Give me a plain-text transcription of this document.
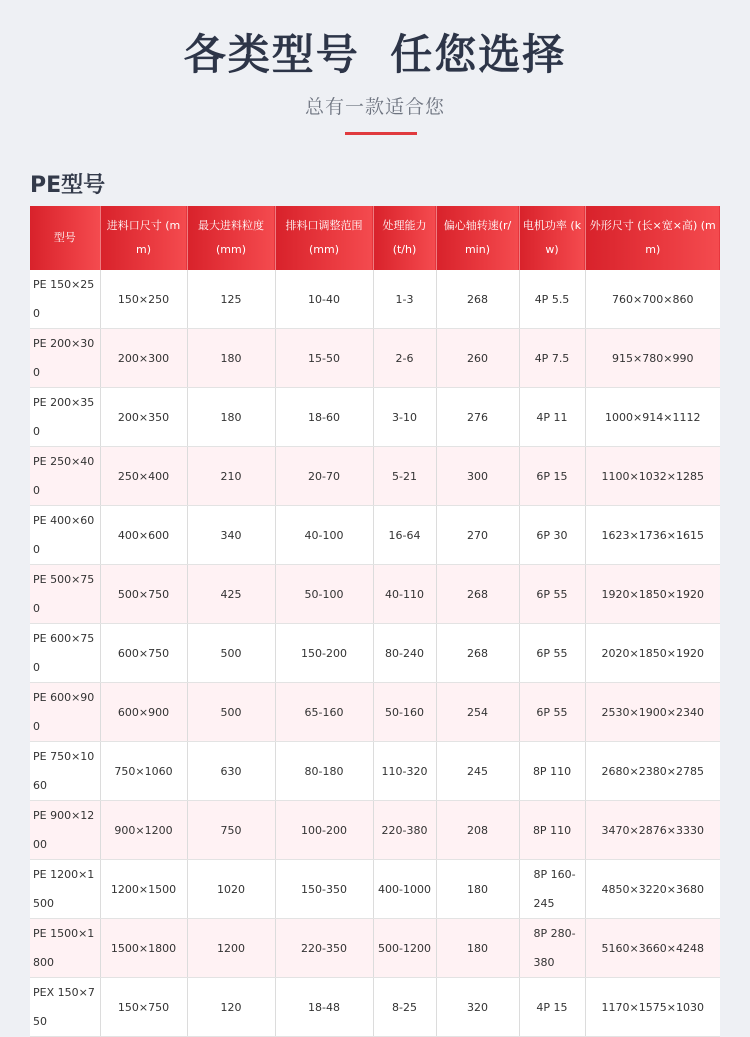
各类型号 任您选择
总有一款适合您
PE型号
型号	进料口尺寸 (mm)	最大进料粒度 (mm)	排料口调整范围 (mm)	处理能力 (t/h)	偏心轴转速(r/min)	电机功率 (kw)	外形尺寸 (长×宽×高) (mm)
PE 150×250	150×250	125	10-40	1-3	268	4P 5.5	760×700×860
PE 200×300	200×300	180	15-50	2-6	260	4P 7.5	915×780×990
PE 200×350	200×350	180	18-60	3-10	276	4P 11	1000×914×1112
PE 250×400	250×400	210	20-70	5-21	300	6P 15	1100×1032×1285
PE 400×600	400×600	340	40-100	16-64	270	6P 30	1623×1736×1615
PE 500×750	500×750	425	50-100	40-110	268	6P 55	1920×1850×1920
PE 600×750	600×750	500	150-200	80-240	268	6P 55	2020×1850×1920
PE 600×900	600×900	500	65-160	50-160	254	6P 55	2530×1900×2340
PE 750×1060	750×1060	630	80-180	110-320	245	8P 110	2680×2380×2785
PE 900×1200	900×1200	750	100-200	220-380	208	8P 110	3470×2876×3330
PE 1200×1500	1200×1500	1020	150-350	400-1000	180	8P 160-245	4850×3220×3680
PE 1500×1800	1500×1800	1200	220-350	500-1200	180	8P 280-380	5160×3660×4248
PEX 150×750	150×750	120	18-48	8-25	320	4P 15	1170×1575×1030
